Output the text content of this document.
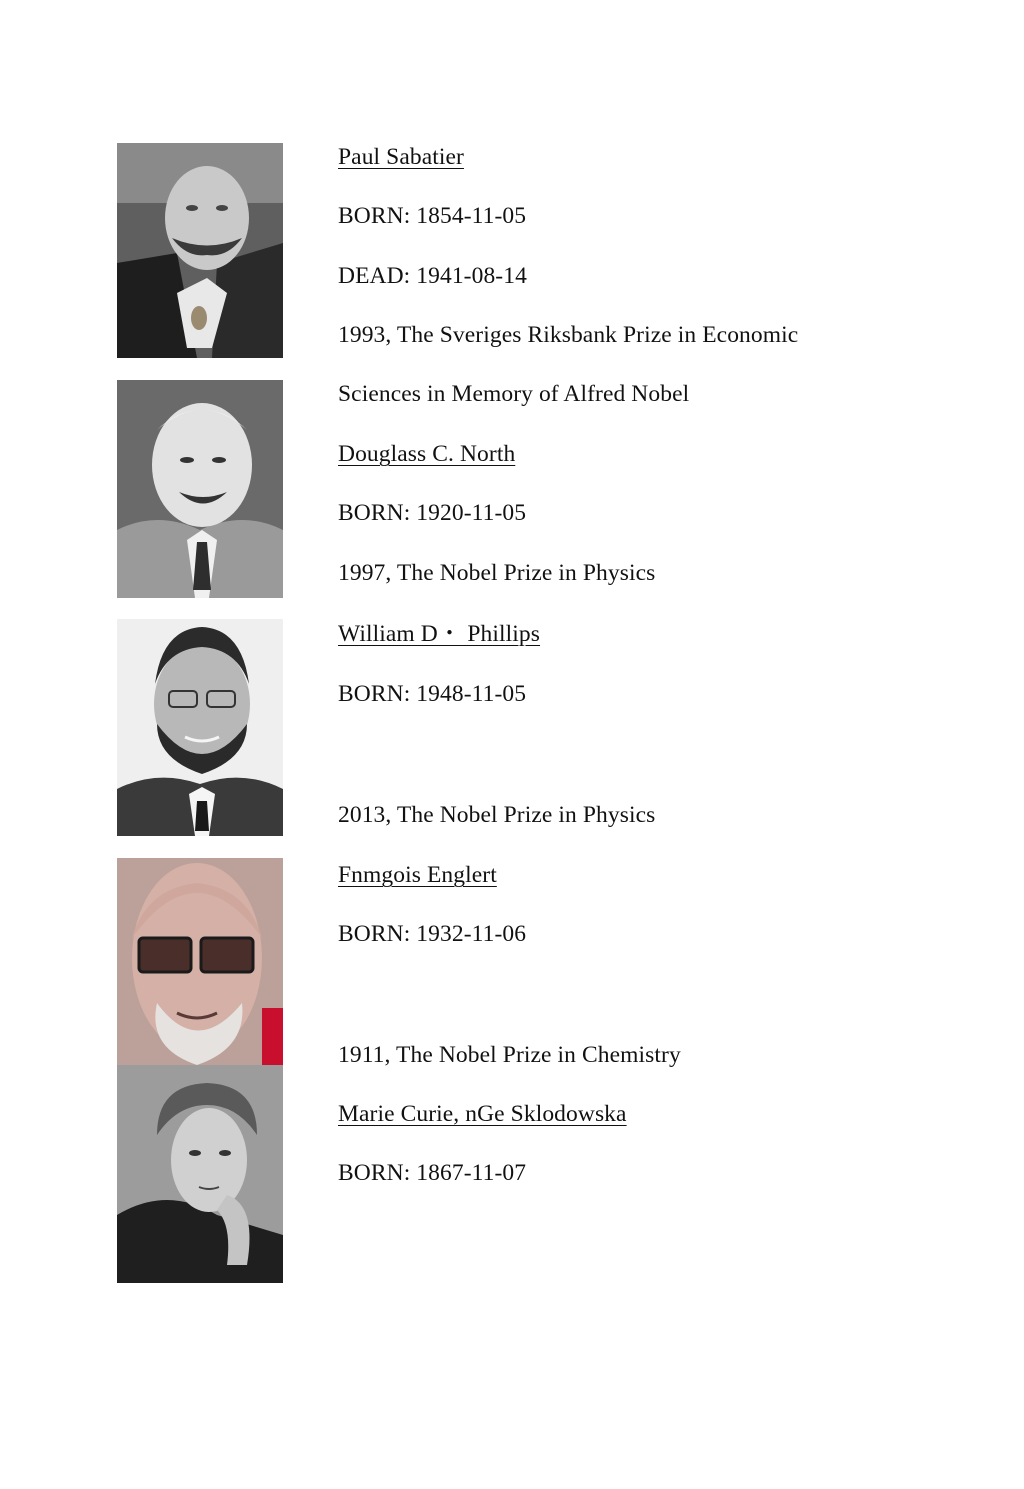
Paul Sabatier
BORN: 1854-11-05
DEAD: 1941-08-14
1993, The Sveriges Riksbank Prize in Economic
Sciences in Memory of Alfred Nobel
Douglass C. North
BORN: 1920-11-05
1997, The Nobel Prize in Physics
William D・ Phillips
BORN: 1948-11-05
2013, The Nobel Prize in Physics
Fnmgois Englert
BORN: 1932-11-06
1911, The Nobel Prize in Chemistry
Marie Curie, nGe Sklodowska
BORN: 1867-11-07
